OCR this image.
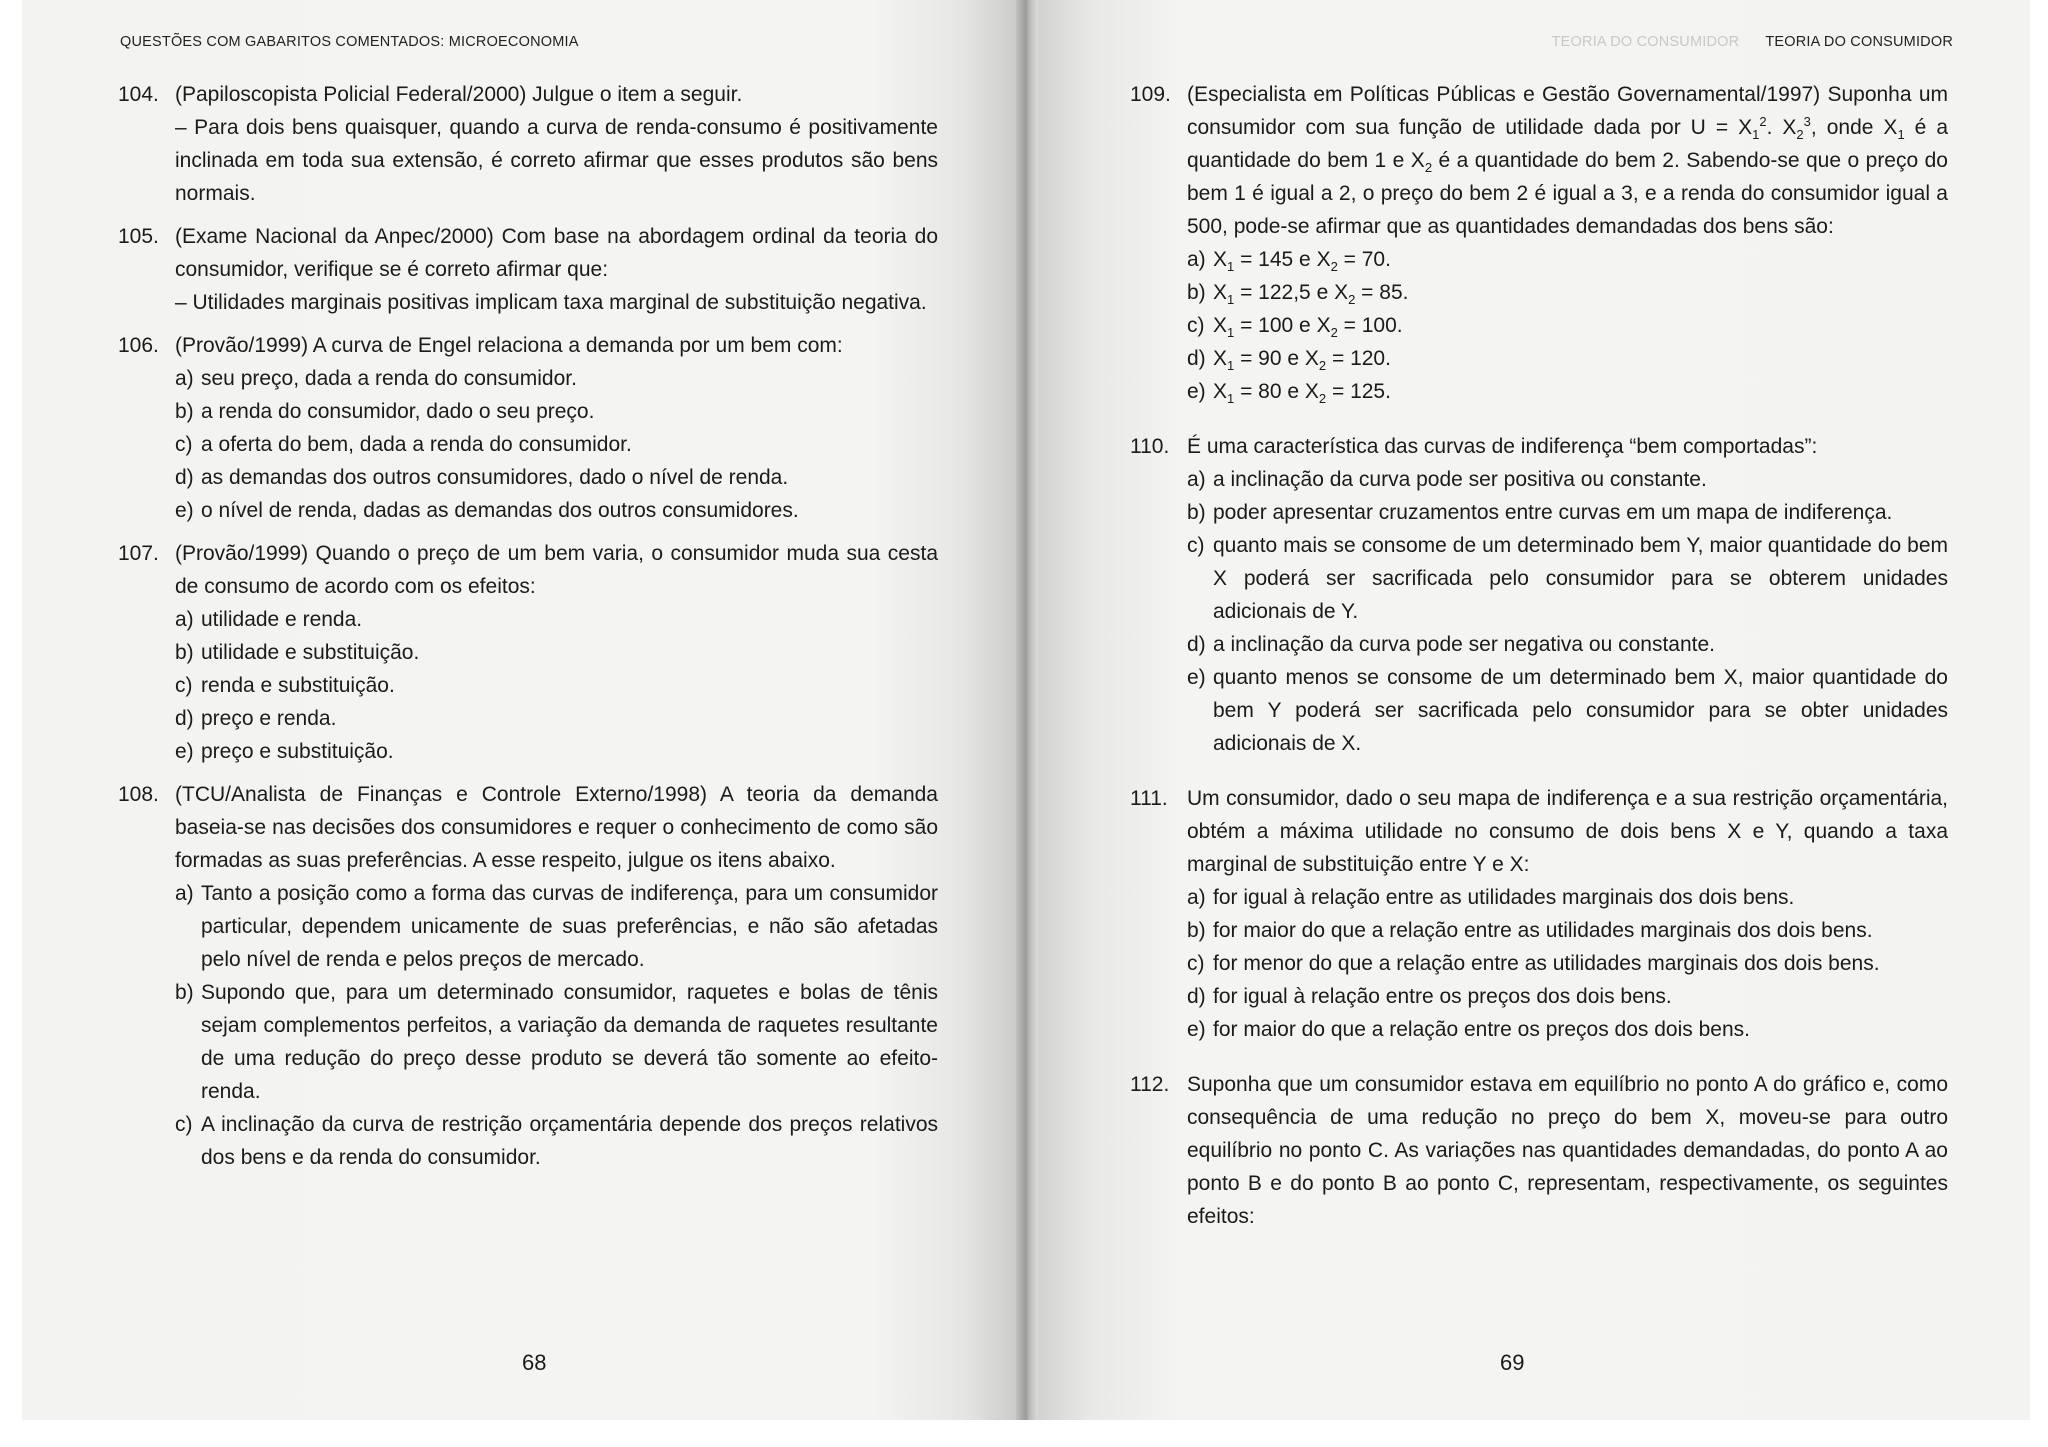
QUESTÕES COM GABARITOS COMENTADOS: MICROECONOMIA	TEORIA DO CONSUMIDOR TEORIA DO CONSUMIDOR
104. (Papiloscopista Policial Federal/2000) Julgue o item a seguir.
– Para dois bens quaisquer, quando a curva de renda-consumo é positivamente inclinada em toda sua extensão, é correto afirmar que esses produtos são bens normais.
105. (Exame Nacional da Anpec/2000) Com base na abordagem ordinal da teoria do consumidor, verifique se é correto afirmar que:
– Utilidades marginais positivas implicam taxa marginal de substituição negativa.
106. (Provão/1999) A curva de Engel relaciona a demanda por um bem com:
a) seu preço, dada a renda do consumidor.
b) a renda do consumidor, dado o seu preço.
c) a oferta do bem, dada a renda do consumidor.
d) as demandas dos outros consumidores, dado o nível de renda.
e) o nível de renda, dadas as demandas dos outros consumidores.
107. (Provão/1999) Quando o preço de um bem varia, o consumidor muda sua cesta de consumo de acordo com os efeitos:
a) utilidade e renda.
b) utilidade e substituição.
c) renda e substituição.
d) preço e renda.
e) preço e substituição.
108. (TCU/Analista de Finanças e Controle Externo/1998) A teoria da demanda baseia-se nas decisões dos consumidores e requer o conhecimento de como são formadas as suas preferências. A esse respeito, julgue os itens abaixo.
a) Tanto a posição como a forma das curvas de indiferença, para um consumidor particular, dependem unicamente de suas preferências, e não são afetadas pelo nível de renda e pelos preços de mercado.
b) Supondo que, para um determinado consumidor, raquetes e bolas de tênis sejam complementos perfeitos, a variação da demanda de raquetes resultante de uma redução do preço desse produto se deverá tão somente ao efeito-renda.
c) A inclinação da curva de restrição orçamentária depende dos preços relativos dos bens e da renda do consumidor.
109. (Especialista em Políticas Públicas e Gestão Governamental/1997) Suponha um consumidor com sua função de utilidade dada por $U = X_1^2$. $X_2^3$, onde $X_1$ é a quantidade do bem 1 e $X_2$ é a quantidade do bem 2. Sabendo-se que o preço do bem 1 é igual a 2, o preço do bem 2 é igual a 3, e a renda do consumidor igual a 500, pode-se afirmar que as quantidades demandadas dos bens são:
a) $X_1 = 145$ e $X_2 = 70$.
b) $X_1 = 122,5$ e $X_2 = 85$.
c) $X_1 = 100$ e $X_2 = 100$.
d) $X_1 = 90$ e $X_2 = 120$.
e) $X_1 = 80$ e $X_2 = 125$.
110. É uma característica das curvas de indiferença “bem comportadas”:
a) a inclinação da curva pode ser positiva ou constante.
b) poder apresentar cruzamentos entre curvas em um mapa de indiferença.
c) quanto mais se consome de um determinado bem Y, maior quantidade do bem X poderá ser sacrificada pelo consumidor para se obterem unidades adicionais de Y.
d) a inclinação da curva pode ser negativa ou constante.
e) quanto menos se consome de um determinado bem X, maior quantidade do bem Y poderá ser sacrificada pelo consumidor para se obter unidades adicionais de X.
111. Um consumidor, dado o seu mapa de indiferença e a sua restrição orçamentária, obtém a máxima utilidade no consumo de dois bens X e Y, quando a taxa marginal de substituição entre Y e X:
a) for igual à relação entre as utilidades marginais dos dois bens.
b) for maior do que a relação entre as utilidades marginais dos dois bens.
c) for menor do que a relação entre as utilidades marginais dos dois bens.
d) for igual à relação entre os preços dos dois bens.
e) for maior do que a relação entre os preços dos dois bens.
112. Suponha que um consumidor estava em equilíbrio no ponto A do gráfico e, como consequência de uma redução no preço do bem X, moveu-se para outro equilíbrio no ponto C. As variações nas quantidades demandadas, do ponto A ao ponto B e do ponto B ao ponto C, representam, respectivamente, os seguintes efeitos:
68	69
